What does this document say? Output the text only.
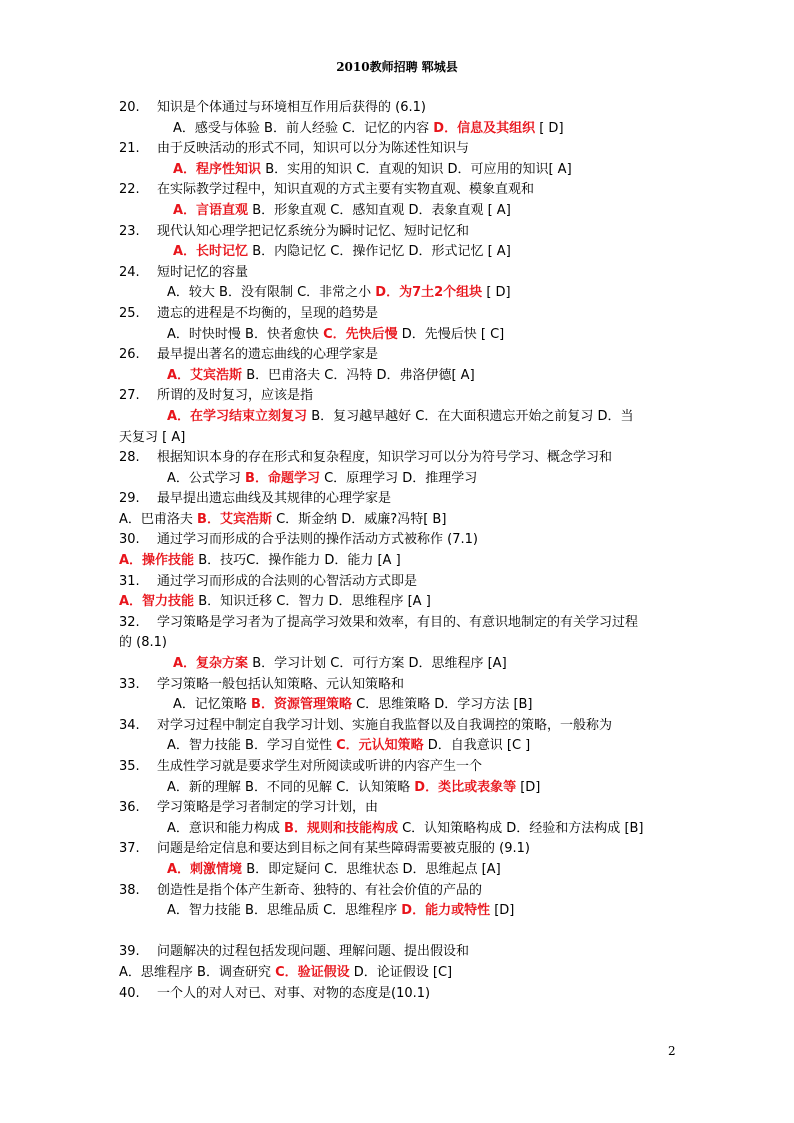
2010教师招聘 郓城县
20. 知识是个体通过与环境相互作用后获得的 (6.1)
A．感受与体验 B．前人经验 C．记忆的内容 D．信息及其组织 [ D]
21. 由于反映活动的形式不同，知识可以分为陈述性知识与
A．程序性知识 B．实用的知识 C．直观的知识 D．可应用的知识[ A]
22. 在实际教学过程中，知识直观的方式主要有实物直观、模象直观和
A．言语直观 B．形象直观 C．感知直观 D．表象直观 [ A]
23. 现代认知心理学把记忆系统分为瞬时记忆、短时记忆和
A．长时记忆 B．内隐记忆 C．操作记忆 D．形式记忆 [ A]
24. 短时记忆的容量
A．较大 B．没有限制 C．非常之小 D．为7土2个组块 [ D]
25. 遗忘的进程是不均衡的，呈现的趋势是
A．时快时慢 B．快者愈快 C．先快后慢 D．先慢后快 [ C]
26. 最早提出著名的遗忘曲线的心理学家是
A．艾宾浩斯 B．巴甫洛夫 C．冯特 D．弗洛伊德[ A]
27. 所谓的及时复习，应该是指
A．在学习结束立刻复习 B．复习越早越好 C．在大面积遗忘开始之前复习 D．当
天复习 [ A]
28. 根据知识本身的存在形式和复杂程度，知识学习可以分为符号学习、概念学习和
A．公式学习 B．命题学习 C．原理学习 D．推理学习
29. 最早提出遗忘曲线及其规律的心理学家是
A．巴甫洛夫 B．艾宾浩斯 C．斯金纳 D．威廉?冯特[ B]
30. 通过学习而形成的合乎法则的操作活动方式被称作 (7.1)
A．操作技能 B．技巧C．操作能力 D．能力 [A ]
31. 通过学习而形成的合法则的心智活动方式即是
A．智力技能 B．知识迁移 C．智力 D．思维程序 [A ]
32. 学习策略是学习者为了提高学习效果和效率，有目的、有意识地制定的有关学习过程
的 (8.1)
A．复杂方案 B．学习计划 C．可行方案 D．思维程序 [A]
33. 学习策略一般包括认知策略、元认知策略和
A．记忆策略 B．资源管理策略 C．思维策略 D．学习方法 [B]
34. 对学习过程中制定自我学习计划、实施自我监督以及自我调控的策略，一般称为
A．智力技能 B．学习自觉性 C．元认知策略 D．自我意识 [C ]
35. 生成性学习就是要求学生对所阅读或听讲的内容产生一个
A．新的理解 B．不同的见解 C．认知策略 D．类比或表象等 [D]
36. 学习策略是学习者制定的学习计划，由
A．意识和能力构成 B．规则和技能构成 C．认知策略构成 D．经验和方法构成 [B]
37. 问题是给定信息和要达到目标之间有某些障碍需要被克服的 (9.1)
A．刺激情境 B．即定疑问 C．思维状态 D．思维起点 [A]
38. 创造性是指个体产生新奇、独特的、有社会价值的产品的
A．智力技能 B．思维品质 C．思维程序 D．能力或特性 [D]
39. 问题解决的过程包括发现问题、理解问题、提出假设和
A．思维程序 B．调查研究 C．验证假设 D．论证假设 [C]
40. 一个人的对人对已、对事、对物的态度是(10.1)
2
